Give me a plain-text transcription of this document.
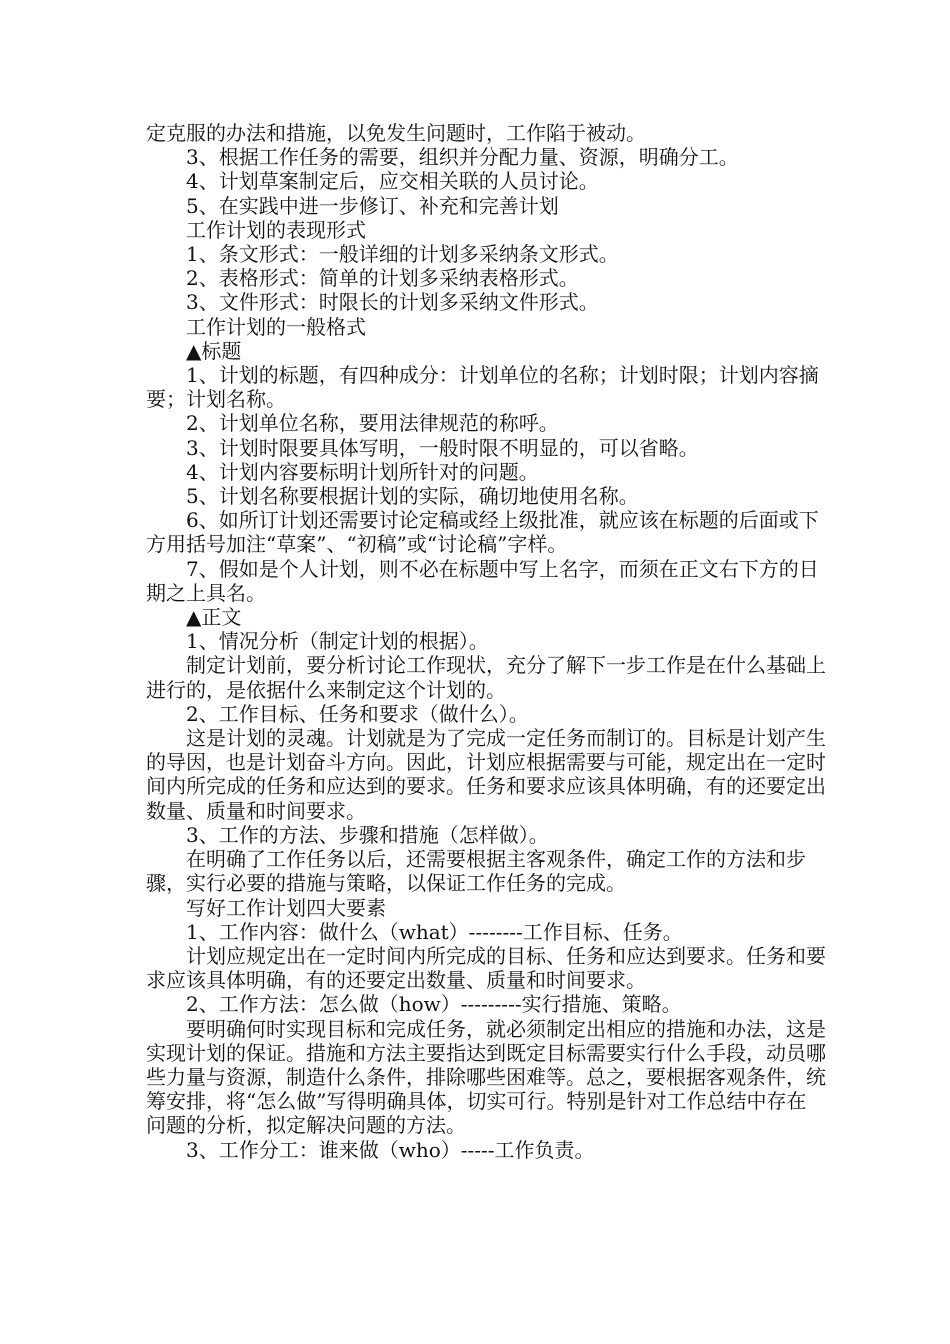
定克服的办法和措施，以免发生问题时，工作陷于被动。

3、根据工作任务的需要，组织并分配力量、资源，明确分工。

4、计划草案制定后，应交相关联的人员讨论。

5、在实践中进一步修订、补充和完善计划

工作计划的表现形式

1、条文形式：一般详细的计划多采纳条文形式。

2、表格形式：简单的计划多采纳表格形式。

3、文件形式：时限长的计划多采纳文件形式。

工作计划的一般格式

▲标题

1、计划的标题，有四种成分：计划单位的名称；计划时限；计划内容摘要；计划名称。

2、计划单位名称，要用法律规范的称呼。

3、计划时限要具体写明，一般时限不明显的，可以省略。

4、计划内容要标明计划所针对的问题。

5、计划名称要根据计划的实际，确切地使用名称。

6、如所订计划还需要讨论定稿或经上级批准，就应该在标题的后面或下方用括号加注“草案”、“初稿”或“讨论稿”字样。

7、假如是个人计划，则不必在标题中写上名字，而须在正文右下方的日期之上具名。

▲正文

1、情况分析（制定计划的根据）。

制定计划前，要分析讨论工作现状，充分了解下一步工作是在什么基础上进行的，是依据什么来制定这个计划的。

2、工作目标、任务和要求（做什么）。

这是计划的灵魂。计划就是为了完成一定任务而制订的。目标是计划产生的导因，也是计划奋斗方向。因此，计划应根据需要与可能，规定出在一定时间内所完成的任务和应达到的要求。任务和要求应该具体明确，有的还要定出数量、质量和时间要求。

3、工作的方法、步骤和措施（怎样做）。

在明确了工作任务以后，还需要根据主客观条件，确定工作的方法和步骤，实行必要的措施与策略，以保证工作任务的完成。

写好工作计划四大要素

1、工作内容：做什么（what）--------工作目标、任务。

计划应规定出在一定时间内所完成的目标、任务和应达到要求。任务和要求应该具体明确，有的还要定出数量、质量和时间要求。

2、工作方法：怎么做（how）---------实行措施、策略。

要明确何时实现目标和完成任务，就必须制定出相应的措施和办法，这是实现计划的保证。措施和方法主要指达到既定目标需要实行什么手段，动员哪些力量与资源，制造什么条件，排除哪些困难等。总之，要根据客观条件，统筹安排，将“怎么做”写得明确具体，切实可行。特别是针对工作总结中存在问题的分析，拟定解决问题的方法。

3、工作分工：谁来做（who）-----工作负责。
